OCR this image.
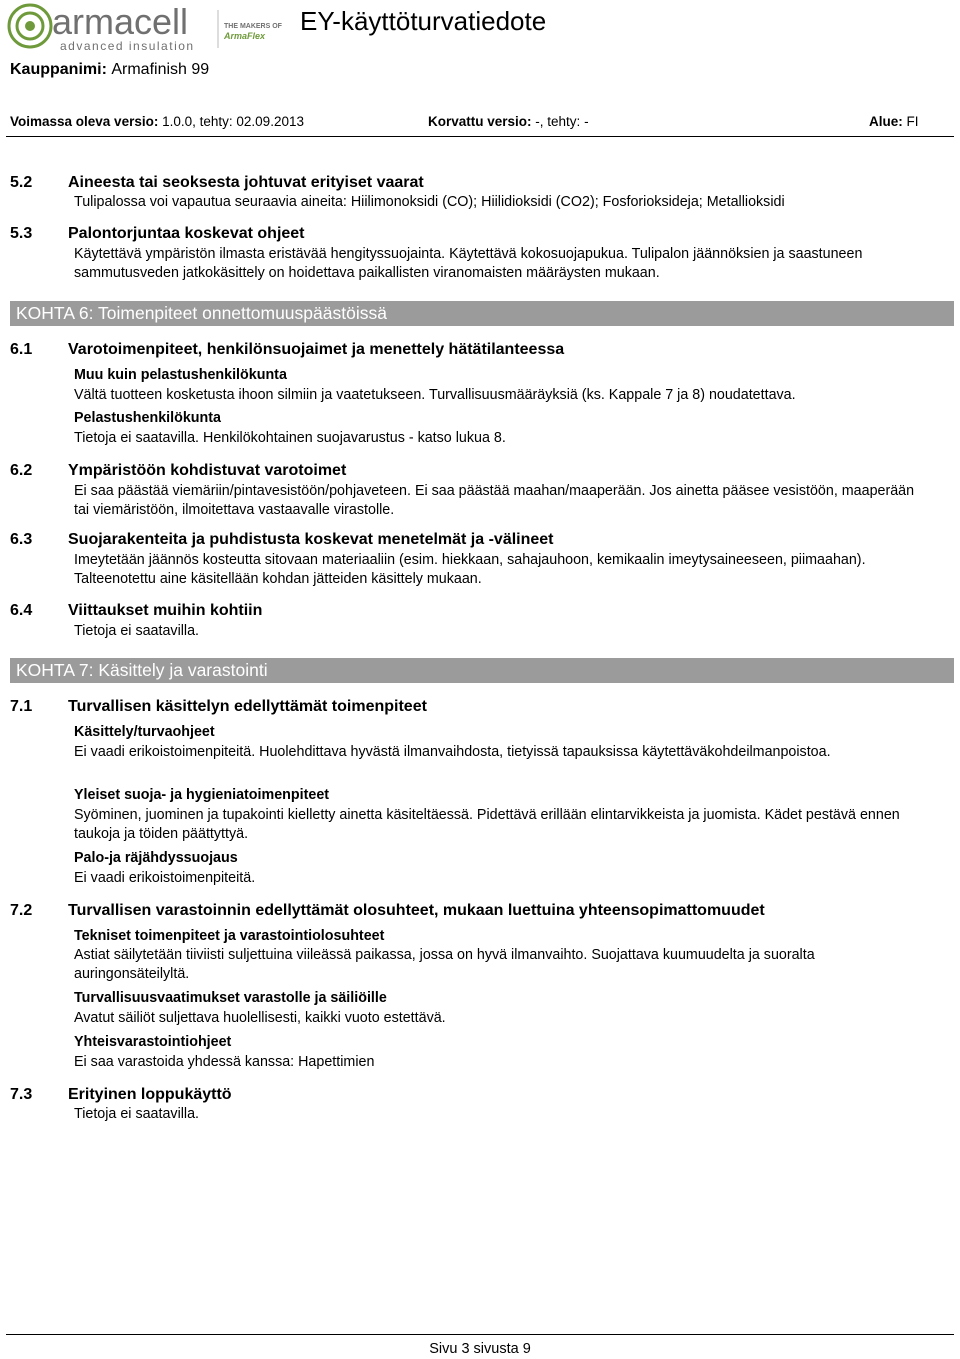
armacell
advanced insulation
THE MAKERS OF
ArmaFlex EY-käyttöturvatiedote
Kauppanimi: Armafinish 99
Voimassa oleva versio: 1.0.0, tehty: 02.09.2013	Korvattu versio: -, tehty: -	Alue: FI
5.2 Aineesta tai seoksesta johtuvat erityiset vaarat
Tulipalossa voi vapautua seuraavia aineita: Hiilimonoksidi (CO); Hiilidioksidi (CO2); Fosforioksideja; Metallioksidi
5.3 Palontorjuntaa koskevat ohjeet
Käytettävä ympäristön ilmasta eristävää hengityssuojainta. Käytettävä kokosuojapukua. Tulipalon jäännöksien ja saastuneen sammutusveden jatkokäsittely on hoidettava paikallisten viranomaisten määräysten mukaan.
KOHTA 6: Toimenpiteet onnettomuuspäästöissä
6.1 Varotoimenpiteet, henkilönsuojaimet ja menettely hätätilanteessa
Muu kuin pelastushenkilökunta
Vältä tuotteen kosketusta ihoon silmiin ja vaatetukseen. Turvallisuusmääräyksiä (ks. Kappale 7 ja 8) noudatettava.
Pelastushenkilökunta
Tietoja ei saatavilla. Henkilökohtainen suojavarustus - katso lukua 8.
6.2 Ympäristöön kohdistuvat varotoimet
Ei saa päästää viemäriin/pintavesistöön/pohjaveteen. Ei saa päästää maahan/maaperään. Jos ainetta pääsee vesistöön, maaperään tai viemäristöön, ilmoitettava vastaavalle virastolle.
6.3 Suojarakenteita ja puhdistusta koskevat menetelmät ja -välineet
Imeytetään jäännös kosteutta sitovaan materiaaliin (esim. hiekkaan, sahajauhoon, kemikaalin imeytysaineeseen, piimaahan). Talteenotettu aine käsitellään kohdan jätteiden käsittely mukaan.
6.4 Viittaukset muihin kohtiin
Tietoja ei saatavilla.
KOHTA 7: Käsittely ja varastointi
7.1 Turvallisen käsittelyn edellyttämät toimenpiteet
Käsittely/turvaohjeet
Ei vaadi erikoistoimenpiteitä. Huolehdittava hyvästä ilmanvaihdosta, tietyissä tapauksissa käytettäväkohdeilmanpoistoa.
Yleiset suoja- ja hygieniatoimenpiteet
Syöminen, juominen ja tupakointi kielletty ainetta käsiteltäessä. Pidettävä erillään elintarvikkeista ja juomista. Kädet pestävä ennen taukoja ja töiden päättyttyä.
Palo-ja räjähdyssuojaus
Ei vaadi erikoistoimenpiteitä.
7.2 Turvallisen varastoinnin edellyttämät olosuhteet, mukaan luettuina yhteensopimattomuudet
Tekniset toimenpiteet ja varastointiolosuhteet
Astiat säilytetään tiiviisti suljettuina viileässä paikassa, jossa on hyvä ilmanvaihto. Suojattava kuumuudelta ja suoralta auringonsäteilyltä.
Turvallisuusvaatimukset varastolle ja säiliöille
Avatut säiliöt suljettava huolellisesti, kaikki vuoto estettävä.
Yhteisvarastointiohjeet
Ei saa varastoida yhdessä kanssa: Hapettimien
7.3 Erityinen loppukäyttö
Tietoja ei saatavilla.
Sivu 3 sivusta 9
